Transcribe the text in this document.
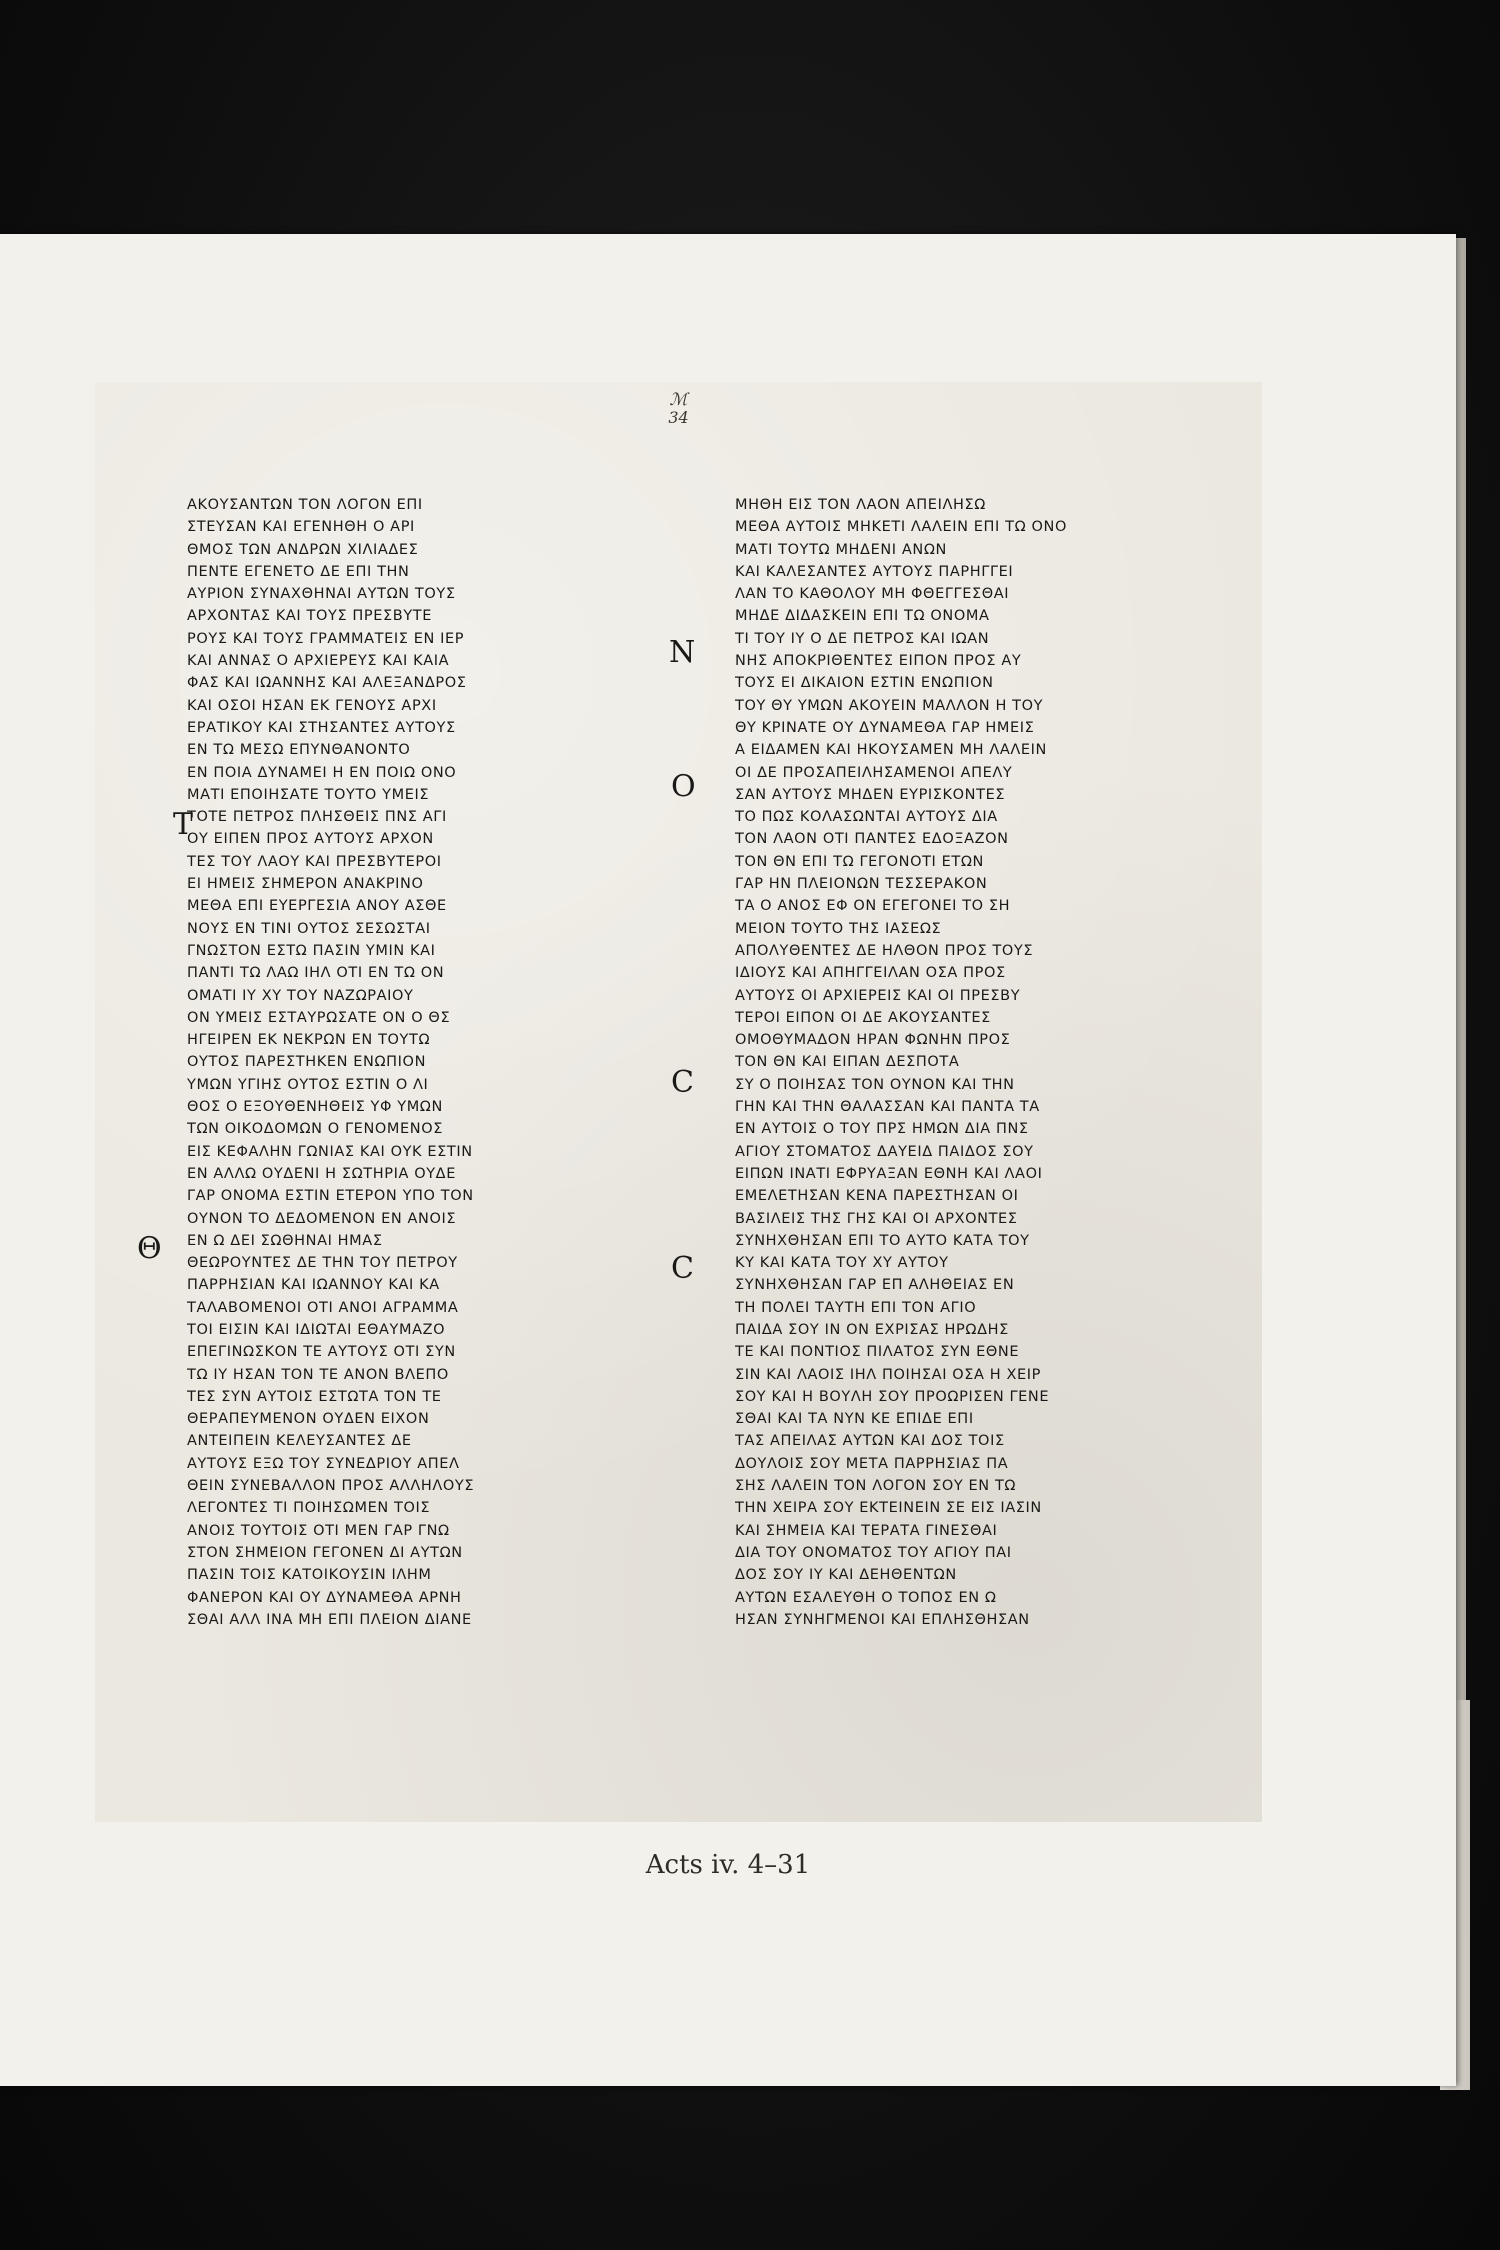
ℳ
34
ΑΚΟΥΣΑΝΤΩΝ ΤΟΝ ΛΟΓΟΝ ΕΠΙ
ΣΤΕΥΣΑΝ ΚΑΙ ΕΓΕΝΗΘΗ Ο ΑΡΙ
ΘΜΟΣ ΤΩΝ ΑΝΔΡΩΝ ΧΙΛΙΑΔΕΣ
ΠΕΝΤΕ ΕΓΕΝΕΤΟ ΔΕ ΕΠΙ ΤΗΝ
ΑΥΡΙΟΝ ΣΥΝΑΧΘΗΝΑΙ ΑΥΤΩΝ ΤΟΥΣ
ΑΡΧΟΝΤΑΣ ΚΑΙ ΤΟΥΣ ΠΡΕΣΒΥΤΕ
ΡΟΥΣ ΚΑΙ ΤΟΥΣ ΓΡΑΜΜΑΤΕΙΣ ΕΝ ΙΕΡ
ΚΑΙ ΑΝΝΑΣ Ο ΑΡΧΙΕΡΕΥΣ ΚΑΙ ΚΑΙΑ
ΦΑΣ ΚΑΙ ΙΩΑΝΝΗΣ ΚΑΙ ΑΛΕΞΑΝΔΡΟΣ
ΚΑΙ ΟΣΟΙ ΗΣΑΝ ΕΚ ΓΕΝΟΥΣ ΑΡΧΙ
ΕΡΑΤΙΚΟΥ ΚΑΙ ΣΤΗΣΑΝΤΕΣ ΑΥΤΟΥΣ
ΕΝ ΤΩ ΜΕΣΩ ΕΠΥΝΘΑΝΟΝΤΟ
ΕΝ ΠΟΙΑ ΔΥΝΑΜΕΙ Η ΕΝ ΠΟΙΩ ΟΝΟ
ΜΑΤΙ ΕΠΟΙΗΣΑΤΕ ΤΟΥΤΟ ΥΜΕΙΣ
ΤΟΤΕ ΠΕΤΡΟΣ ΠΛΗΣΘΕΙΣ ΠΝΣ ΑΓΙ
ΟΥ ΕΙΠΕΝ ΠΡΟΣ ΑΥΤΟΥΣ ΑΡΧΟΝ
ΤΕΣ ΤΟΥ ΛΑΟΥ ΚΑΙ ΠΡΕΣΒΥΤΕΡΟΙ
ΕΙ ΗΜΕΙΣ ΣΗΜΕΡΟΝ ΑΝΑΚΡΙΝΟ
ΜΕΘΑ ΕΠΙ ΕΥΕΡΓΕΣΙΑ ΑΝΟΥ ΑΣΘΕ
ΝΟΥΣ ΕΝ ΤΙΝΙ ΟΥΤΟΣ ΣΕΣΩΣΤΑΙ
ΓΝΩΣΤΟΝ ΕΣΤΩ ΠΑΣΙΝ ΥΜΙΝ ΚΑΙ
ΠΑΝΤΙ ΤΩ ΛΑΩ ΙΗΛ ΟΤΙ ΕΝ ΤΩ ΟΝ
ΟΜΑΤΙ ΙΥ ΧΥ ΤΟΥ ΝΑΖΩΡΑΙΟΥ
ΟΝ ΥΜΕΙΣ ΕΣΤΑΥΡΩΣΑΤΕ ΟΝ Ο ΘΣ
ΗΓΕΙΡΕΝ ΕΚ ΝΕΚΡΩΝ ΕΝ ΤΟΥΤΩ
ΟΥΤΟΣ ΠΑΡΕΣΤΗΚΕΝ ΕΝΩΠΙΟΝ
ΥΜΩΝ ΥΓΙΗΣ ΟΥΤΟΣ ΕΣΤΙΝ Ο ΛΙ
ΘΟΣ Ο ΕΞΟΥΘΕΝΗΘΕΙΣ ΥΦ ΥΜΩΝ
ΤΩΝ ΟΙΚΟΔΟΜΩΝ Ο ΓΕΝΟΜΕΝΟΣ
ΕΙΣ ΚΕΦΑΛΗΝ ΓΩΝΙΑΣ ΚΑΙ ΟΥΚ ΕΣΤΙΝ
ΕΝ ΑΛΛΩ ΟΥΔΕΝΙ Η ΣΩΤΗΡΙΑ ΟΥΔΕ
ΓΑΡ ΟΝΟΜΑ ΕΣΤΙΝ ΕΤΕΡΟΝ ΥΠΟ ΤΟΝ
ΟΥΝΟΝ ΤΟ ΔΕΔΟΜΕΝΟΝ ΕΝ ΑΝΟΙΣ
ΕΝ Ω ΔΕΙ ΣΩΘΗΝΑΙ ΗΜΑΣ
ΘΕΩΡΟΥΝΤΕΣ ΔΕ ΤΗΝ ΤΟΥ ΠΕΤΡΟΥ
ΠΑΡΡΗΣΙΑΝ ΚΑΙ ΙΩΑΝΝΟΥ ΚΑΙ ΚΑ
ΤΑΛΑΒΟΜΕΝΟΙ ΟΤΙ ΑΝΟΙ ΑΓΡΑΜΜΑ
ΤΟΙ ΕΙΣΙΝ ΚΑΙ ΙΔΙΩΤΑΙ ΕΘΑΥΜΑΖΟ
ΕΠΕΓΙΝΩΣΚΟΝ ΤΕ ΑΥΤΟΥΣ ΟΤΙ ΣΥΝ
ΤΩ ΙΥ ΗΣΑΝ ΤΟΝ ΤΕ ΑΝΟΝ ΒΛΕΠΟ
ΤΕΣ ΣΥΝ ΑΥΤΟΙΣ ΕΣΤΩΤΑ ΤΟΝ ΤΕ
ΘΕΡΑΠΕΥΜΕΝΟΝ ΟΥΔΕΝ ΕΙΧΟΝ
ΑΝΤΕΙΠΕΙΝ ΚΕΛΕΥΣΑΝΤΕΣ ΔΕ
ΑΥΤΟΥΣ ΕΞΩ ΤΟΥ ΣΥΝΕΔΡΙΟΥ ΑΠΕΛ
ΘΕΙΝ ΣΥΝΕΒΑΛΛΟΝ ΠΡΟΣ ΑΛΛΗΛΟΥΣ
ΛΕΓΟΝΤΕΣ ΤΙ ΠΟΙΗΣΩΜΕΝ ΤΟΙΣ
ΑΝΟΙΣ ΤΟΥΤΟΙΣ ΟΤΙ ΜΕΝ ΓΑΡ ΓΝΩ
ΣΤΟΝ ΣΗΜΕΙΟΝ ΓΕΓΟΝΕΝ ΔΙ ΑΥΤΩΝ
ΠΑΣΙΝ ΤΟΙΣ ΚΑΤΟΙΚΟΥΣΙΝ ΙΛΗΜ
ΦΑΝΕΡΟΝ ΚΑΙ ΟΥ ΔΥΝΑΜΕΘΑ ΑΡΝΗ
ΣΘΑΙ ΑΛΛ ΙΝΑ ΜΗ ΕΠΙ ΠΛΕΙΟΝ ΔΙΑΝΕ
ΜΗΘΗ ΕΙΣ ΤΟΝ ΛΑΟΝ ΑΠΕΙΛΗΣΩ
ΜΕΘΑ ΑΥΤΟΙΣ ΜΗΚΕΤΙ ΛΑΛΕΙΝ ΕΠΙ ΤΩ ΟΝΟ
ΜΑΤΙ ΤΟΥΤΩ ΜΗΔΕΝΙ ΑΝΩΝ
ΚΑΙ ΚΑΛΕΣΑΝΤΕΣ ΑΥΤΟΥΣ ΠΑΡΗΓΓΕΙ
ΛΑΝ ΤΟ ΚΑΘΟΛΟΥ ΜΗ ΦΘΕΓΓΕΣΘΑΙ
ΜΗΔΕ ΔΙΔΑΣΚΕΙΝ ΕΠΙ ΤΩ ΟΝΟΜΑ
ΤΙ ΤΟΥ ΙΥ Ο ΔΕ ΠΕΤΡΟΣ ΚΑΙ ΙΩΑΝ
ΝΗΣ ΑΠΟΚΡΙΘΕΝΤΕΣ ΕΙΠΟΝ ΠΡΟΣ ΑΥ
ΤΟΥΣ ΕΙ ΔΙΚΑΙΟΝ ΕΣΤΙΝ ΕΝΩΠΙΟΝ
ΤΟΥ ΘΥ ΥΜΩΝ ΑΚΟΥΕΙΝ ΜΑΛΛΟΝ Η ΤΟΥ
ΘΥ ΚΡΙΝΑΤΕ ΟΥ ΔΥΝΑΜΕΘΑ ΓΑΡ ΗΜΕΙΣ
Α ΕΙΔΑΜΕΝ ΚΑΙ ΗΚΟΥΣΑΜΕΝ ΜΗ ΛΑΛΕΙΝ
ΟΙ ΔΕ ΠΡΟΣΑΠΕΙΛΗΣΑΜΕΝΟΙ ΑΠΕΛΥ
ΣΑΝ ΑΥΤΟΥΣ ΜΗΔΕΝ ΕΥΡΙΣΚΟΝΤΕΣ
ΤΟ ΠΩΣ ΚΟΛΑΣΩΝΤΑΙ ΑΥΤΟΥΣ ΔΙΑ
ΤΟΝ ΛΑΟΝ ΟΤΙ ΠΑΝΤΕΣ ΕΔΟΞΑΖΟΝ
ΤΟΝ ΘΝ ΕΠΙ ΤΩ ΓΕΓΟΝΟΤΙ ΕΤΩΝ
ΓΑΡ ΗΝ ΠΛΕΙΟΝΩΝ ΤΕΣΣΕΡΑΚΟΝ
ΤΑ Ο ΑΝΟΣ ΕΦ ΟΝ ΕΓΕΓΟΝΕΙ ΤΟ ΣΗ
ΜΕΙΟΝ ΤΟΥΤΟ ΤΗΣ ΙΑΣΕΩΣ
ΑΠΟΛΥΘΕΝΤΕΣ ΔΕ ΗΛΘΟΝ ΠΡΟΣ ΤΟΥΣ
ΙΔΙΟΥΣ ΚΑΙ ΑΠΗΓΓΕΙΛΑΝ ΟΣΑ ΠΡΟΣ
ΑΥΤΟΥΣ ΟΙ ΑΡΧΙΕΡΕΙΣ ΚΑΙ ΟΙ ΠΡΕΣΒΥ
ΤΕΡΟΙ ΕΙΠΟΝ ΟΙ ΔΕ ΑΚΟΥΣΑΝΤΕΣ
ΟΜΟΘΥΜΑΔΟΝ ΗΡΑΝ ΦΩΝΗΝ ΠΡΟΣ
ΤΟΝ ΘΝ ΚΑΙ ΕΙΠΑΝ ΔΕΣΠΟΤΑ
ΣΥ Ο ΠΟΙΗΣΑΣ ΤΟΝ ΟΥΝΟΝ ΚΑΙ ΤΗΝ
ΓΗΝ ΚΑΙ ΤΗΝ ΘΑΛΑΣΣΑΝ ΚΑΙ ΠΑΝΤΑ ΤΑ
ΕΝ ΑΥΤΟΙΣ Ο ΤΟΥ ΠΡΣ ΗΜΩΝ ΔΙΑ ΠΝΣ
ΑΓΙΟΥ ΣΤΟΜΑΤΟΣ ΔΑΥΕΙΔ ΠΑΙΔΟΣ ΣΟΥ
ΕΙΠΩΝ ΙΝΑΤΙ ΕΦΡΥΑΞΑΝ ΕΘΝΗ ΚΑΙ ΛΑΟΙ
ΕΜΕΛΕΤΗΣΑΝ ΚΕΝΑ ΠΑΡΕΣΤΗΣΑΝ ΟΙ
ΒΑΣΙΛΕΙΣ ΤΗΣ ΓΗΣ ΚΑΙ ΟΙ ΑΡΧΟΝΤΕΣ
ΣΥΝΗΧΘΗΣΑΝ ΕΠΙ ΤΟ ΑΥΤΟ ΚΑΤΑ ΤΟΥ
ΚΥ ΚΑΙ ΚΑΤΑ ΤΟΥ ΧΥ ΑΥΤΟΥ
ΣΥΝΗΧΘΗΣΑΝ ΓΑΡ ΕΠ ΑΛΗΘΕΙΑΣ ΕΝ
ΤΗ ΠΟΛΕΙ ΤΑΥΤΗ ΕΠΙ ΤΟΝ ΑΓΙΟ
ΠΑΙΔΑ ΣΟΥ ΙΝ ΟΝ ΕΧΡΙΣΑΣ ΗΡΩΔΗΣ
ΤΕ ΚΑΙ ΠΟΝΤΙΟΣ ΠΙΛΑΤΟΣ ΣΥΝ ΕΘΝΕ
ΣΙΝ ΚΑΙ ΛΑΟΙΣ ΙΗΛ ΠΟΙΗΣΑΙ ΟΣΑ Η ΧΕΙΡ
ΣΟΥ ΚΑΙ Η ΒΟΥΛΗ ΣΟΥ ΠΡΟΩΡΙΣΕΝ ΓΕΝΕ
ΣΘΑΙ ΚΑΙ ΤΑ ΝΥΝ ΚΕ ΕΠΙΔΕ ΕΠΙ
ΤΑΣ ΑΠΕΙΛΑΣ ΑΥΤΩΝ ΚΑΙ ΔΟΣ ΤΟΙΣ
ΔΟΥΛΟΙΣ ΣΟΥ ΜΕΤΑ ΠΑΡΡΗΣΙΑΣ ΠΑ
ΣΗΣ ΛΑΛΕΙΝ ΤΟΝ ΛΟΓΟΝ ΣΟΥ ΕΝ ΤΩ
ΤΗΝ ΧΕΙΡΑ ΣΟΥ ΕΚΤΕΙΝΕΙΝ ΣΕ ΕΙΣ ΙΑΣΙΝ
ΚΑΙ ΣΗΜΕΙΑ ΚΑΙ ΤΕΡΑΤΑ ΓΙΝΕΣΘΑΙ
ΔΙΑ ΤΟΥ ΟΝΟΜΑΤΟΣ ΤΟΥ ΑΓΙΟΥ ΠΑΙ
ΔΟΣ ΣΟΥ ΙΥ ΚΑΙ ΔΕΗΘΕΝΤΩΝ
ΑΥΤΩΝ ΕΣΑΛΕΥΘΗ Ο ΤΟΠΟΣ ΕΝ Ω
ΗΣΑΝ ΣΥΝΗΓΜΕΝΟΙ ΚΑΙ ΕΠΛΗΣΘΗΣΑΝ
Τ
Θ
Ν
Ο
C
C
Acts iv. 4–31
